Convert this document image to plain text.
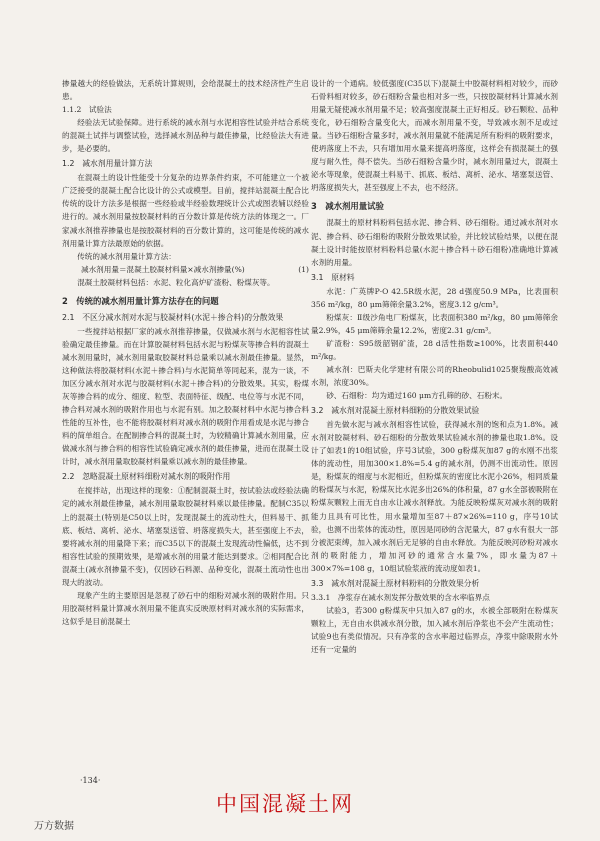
掺量越大的经验做法，无系统计算规则，会给混凝土的技术经济性产生启患。

1.1.2　试验法

经验法无试验保障。进行系统的减水剂与水泥相容性试验并结合系统的混凝土试拌与调整试验，选择减水剂品种与最佳掺量，比经验法大有进步，是必要的。

1.2　减水剂用量计算方法

在混凝土的设计性能受十分复杂的边界条件约束，不可能建立一个被广泛接受的混凝土配合比设计的公式或模型。目前，搅拌站混凝土配合比传统的设计方法多是根据一些经验或半经验数理统计公式或图表辅以经验进行的。减水剂用量按胶凝材料的百分数计算是传统方法的体现之一。厂家减水剂推荐掺量也是按胶凝材料的百分数计算的，这可能是传统的减水剂用量计算方法最原始的依据。

传统的减水剂用量计算方法：

减水剂用量＝混凝土胶凝材料量×减水剂掺量(%)	(1)

混凝土胶凝材料包括：水泥、粒化高炉矿渣粉、粉煤灰等。

2　传统的减水剂用量计算方法存在的问题
2.1　不区分减水剂对水泥与胶凝材料(水泥＋掺合料)的分散效果

一些搅拌站根据厂家的减水剂推荐掺量，仅做减水剂与水泥相容性试验确定最佳掺量。而在计算胶凝材料包括水泥与粉煤灰等掺合料的混凝土减水剂用量时，减水剂用量取胶凝材料总量乘以减水剂最佳掺量。显然，这种做法将胶凝材料(水泥＋掺合料)与水泥简单等同起来，混为一谈，不加区分减水剂对水泥与胶凝材料(水泥＋掺合料)的分散效果。其实，粉煤灰等掺合料的成分、细度、粒型、表面特征、级配、电位等与水泥不同，掺合料对减水剂的吸附作用也与水泥有别。加之胶凝材料中水泥与掺合料性能的互补性，也不能将胶凝材料对减水剂的吸附作用看成是水泥与掺合料的简单组合。在配制掺合料的混凝土时，为较精确计算减水剂用量，应做减水剂与掺合料的相容性试验确定减水剂的最佳掺量，进而在混凝土设计时，减水剂用量取胶凝材料量乘以减水剂的最佳掺量。

2.2　忽略混凝土原材料细粉对减水剂的吸附作用

在搅拌站，出现这样的现象：①配制混凝土时，按试验法或经验法确定的减水剂最佳掺量，减水剂用量取胶凝材料乘以最佳掺量。配制C35以上的混凝土(特别是C50以上时，发现混凝土的流动性大，但料易干、抓底、板结、离析、泌水、堵塞泵送管、坍落度损失大，甚至强度上不去，要将减水剂的用量降下来；而C35以下的混凝土发现流动性偏低，达不到相容性试验的预期效果，是增减水剂的用量才能达到要求。②相同配合比混凝土(减水剂掺量不变)，仅因砂石料源、品种变化，混凝土流动性也出现大的波动。

现象产生的主要原因是忽视了砂石中的细粉对减水剂的吸附作用。只用胶凝材料量计算减水剂用量不能真实反映原材料对减水剂的实际需求，这似乎是目前混凝土

设计的一个通病。较低强度(C35以下)混凝土中胶凝材料相对较少，而砂石骨料相对较多，砂石细粉含量也相对多一些，只按胶凝材料计算减水剂用量无疑使减水剂用量不足；较高强度混凝土正好相反。砂石颗粒、品种变化，砂石细粉含量变化大，而减水剂用量不变，导致减水剂不足或过量。当砂石细粉含量多时，减水剂用量就不能满足所有粉料的吸附要求，使坍落度上不去，只有增加用水量来提高坍落度，这样会有损混凝土的强度与耐久性，得不偿失。当砂石细粉含量少时，减水剂用量过大，混凝土泌水等现象，使混凝土料易干、抓底、板结、离析、泌水、堵塞泵送管、坍落度损失大，甚至强度上不去，也不经济。

3　减水剂用量试验

混凝土的原材料粉料包括水泥、掺合料、砂石细粉。通过减水剂对水泥、掺合料、砂石细粉的吸附分散效果试验，并比较试验结果，以便在混凝土设计时能按原材料粉料总量(水泥＋掺合料＋砂石细粉)准确地计算减水剂的用量。

3.1　原材料

水泥：广英牌P·O 42.5R级水泥，28 d强度50.9 MPa，比表面积356 m²/kg，80 μm筛筛余量3.2%，密度3.12 g/cm³。

粉煤灰：Ⅱ级沙角电厂粉煤灰，比表面积380 m²/kg，80 μm筛筛余量2.9%，45 μm筛筛余量12.2%，密度2.31 g/cm³。

矿渣粉：S95级韶钢矿渣，28 d活性指数≥100%，比表面积440 m²/kg。

减水剂：巴斯夫化学建材有限公司的Rheobulid1025聚羧酸高效减水剂，浓度30%。

砂、石细粉：均为通过160 μm方孔筛的砂、石粉末。

3.2　减水剂对混凝土原材料细粉的分散效果试验

首先做水泥与减水剂相容性试验，获得减水剂的饱和点为1.8%。减水剂对胶凝材料、砂石细粉的分散效果试验减水剂的掺量也取1.8%。设计了如表1的10组试验，序号3试验，300 g粉煤灰加87 g的水刚不出浆体的流动性，用加300×1.8%=5.4 g的减水剂，仍测不出流动性。原因是，粉煤灰的细度与水泥相近，但粉煤灰的密度比水泥小26%，相同质量的粉煤灰与水泥，粉煤灰比水泥多出26%的体积量，87 g水全部被吸附在粉煤灰颗粒上而无自由水让减水剂释放。为能反映粉煤灰对减水剂的吸附能力且具有可比性，用水量增加至87＋87×26%=110 g，序号10试验，也测不出浆体的流动性，原因是同砂的含泥量大，87 g水有很大一部分被泥束缚，加入减水剂后无足够的自由水释放。为能反映河砂粉对减水剂的吸附能力，增加河砂的通常含水量7%，即水量为87＋300×7%=108 g，10组试验浆液的流动度如表1。

3.3　减水剂对混凝土原材料粉料的分散效果分析
3.3.1　净浆存在减水剂发挥分散效果的含水率临界点

试验3，若300 g粉煤灰中只加入87 g的水，水被全部吸附在粉煤灰颗粒上，无自由水供减水剂分散，加入减水剂后净浆也不会产生流动性；试验9也有类似情况。只有净浆的含水率超过临界点，净浆中除吸附水外还有一定量的

·134·
中国混凝土网
万方数据
